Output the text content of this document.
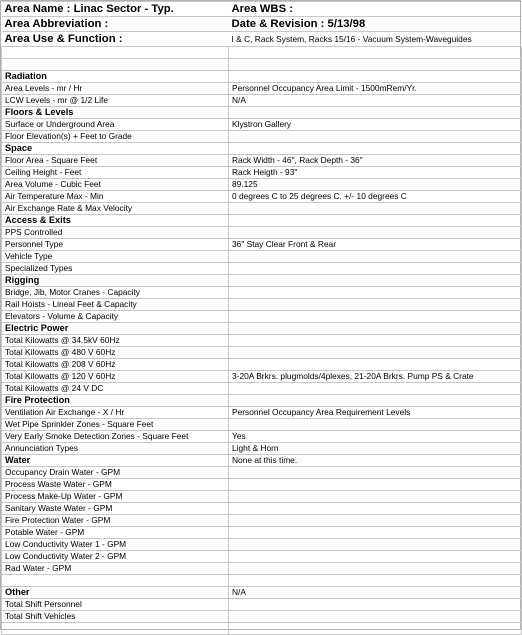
Area Name : Linac Sector - Typ.	Area WBS :
Area Abbreviation :	Date & Revision : 5/13/98
Area Use & Function :	I & C, Rack System, Racks 15/16 - Vacuum System-Waveguides

Radiation	
Area Levels - mr / Hr	Personnel Occupancy Area Limit - 1500mRem/Yr.
LCW Levels - mr @ 1/2 Life	N/A
Floors & Levels	
Surface or Underground Area	Klystron Gallery
Floor Elevation(s) + Feet to Grade	
Space	
Floor Area - Square Feet	Rack Width - 46", Rack Depth - 36"
Ceiling Height - Feet	Rack Heigth - 93"
Area Volume - Cubic Feet	89.125
Air Temperature Max - Min	0 degrees C to 25 degrees C. +/- 10 degrees C
Air Exchange Rate & Max Velocity	
Access & Exits	
PPS Controlled	
Personnel Type	36" Stay Clear Front & Rear
Vehicle Type	
Specialized Types	
Rigging	
Bridge, Jib, Motor Cranes - Capacity	
Rail Hoists - Lineal Feet & Capacity	
Elevators - Volume & Capacity	
Electric Power	
Total Kilowatts @ 34.5kV 60Hz	
Total Kilowatts @ 480 V 60Hz	
Total Kilowatts @ 208 V 60Hz	
Total Kilowatts @ 120 V 60Hz	3-20A Brkrs. plugmolds/4plexes, 21-20A Brkrs. Pump PS & Crate
Total Kilowatts @ 24 V DC	
Fire Protection	
Ventilation Air Exchange - X / Hr	Personnel Occupancy Area Requirement Levels
Wet Pipe Sprinkler Zones - Square Feet	
Very Early Smoke Detection Zones - Square Feet	Yes
Annunciation Types	Light & Horn
Water	None at this time.
Occupancy Drain Water - GPM	
Process Waste Water - GPM	
Process Make-Up Water - GPM	
Sanitary Waste Water - GPM	
Fire Protection Water - GPM	
Potable Water - GPM	
Low Conductivity Water 1 - GPM	
Low Conductivity Water 2 - GPM	
Rad Water - GPM	

Other	N/A
Total Shift Personnel	
Total Shift Vehicles	
